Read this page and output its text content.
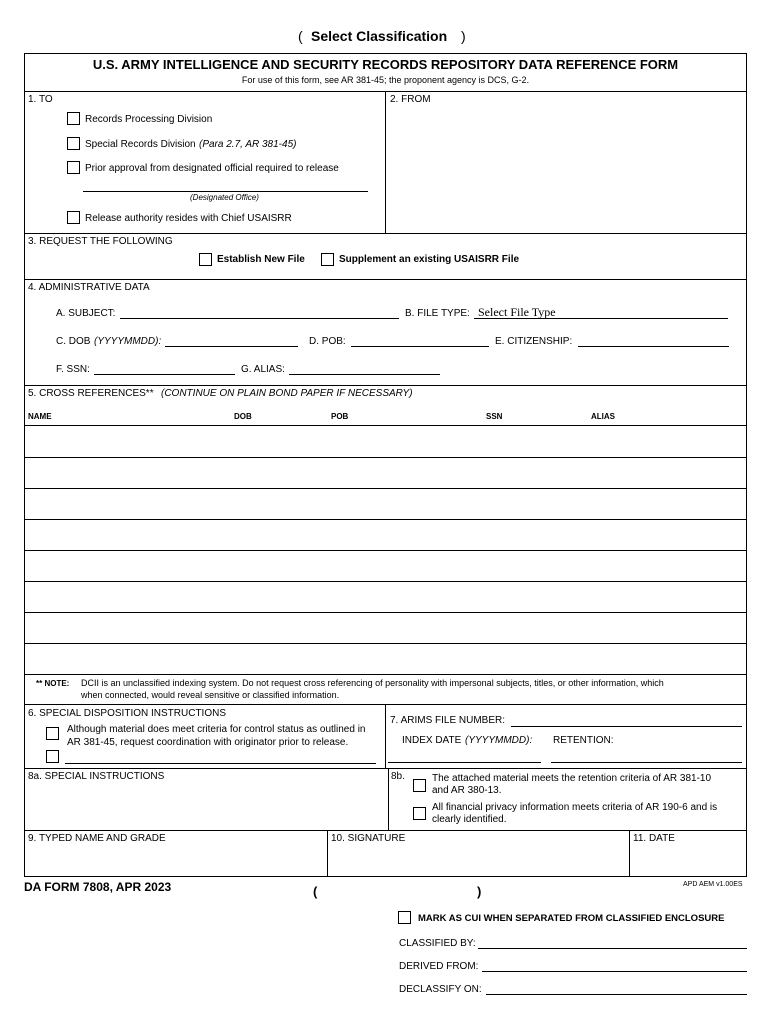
( Select Classification )
U.S. ARMY INTELLIGENCE AND SECURITY RECORDS REPOSITORY DATA REFERENCE FORM
For use of this form, see AR 381-45; the proponent agency is DCS, G-2.
1. TO	2. FROM
Records Processing Division
Special Records Division (Para 2.7, AR 381-45)
Prior approval from designated official required to release
(Designated Office)
Release authority resides with Chief USAISRR
3. REQUEST THE FOLLOWING
Establish New File	Supplement an existing USAISRR File
4. ADMINISTRATIVE DATA
A. SUBJECT:	B. FILE TYPE: Select File Type
C. DOB (YYYYMMDD):	D. POB:	E. CITIZENSHIP:
F. SSN:	G. ALIAS:
5. CROSS REFERENCES** (CONTINUE ON PLAIN BOND PAPER IF NECESSARY)
NAME	DOB	POB	SSN	ALIAS
** NOTE: DCII is an unclassified indexing system. Do not request cross referencing of personality with impersonal subjects, titles, or other information, which
when connected, would reveal sensitive or classified information.
6. SPECIAL DISPOSITION INSTRUCTIONS
Although material does meet criteria for control status as outlined in
AR 381-45, request coordination with originator prior to release.
7. ARIMS FILE NUMBER:
INDEX DATE (YYYYMMDD): RETENTION:
8a. SPECIAL INSTRUCTIONS	8b.	The attached material meets the retention criteria of AR 381-10
and AR 380-13.
All financial privacy information meets criteria of AR 190-6 and is
clearly identified.
9. TYPED NAME AND GRADE	10. SIGNATURE	11. DATE
DA FORM 7808, APR 2023	(	)	APD AEM v1.00ES
MARK AS CUI WHEN SEPARATED FROM CLASSIFIED ENCLOSURE
CLASSIFIED BY:
DERIVED FROM:
DECLASSIFY ON:
